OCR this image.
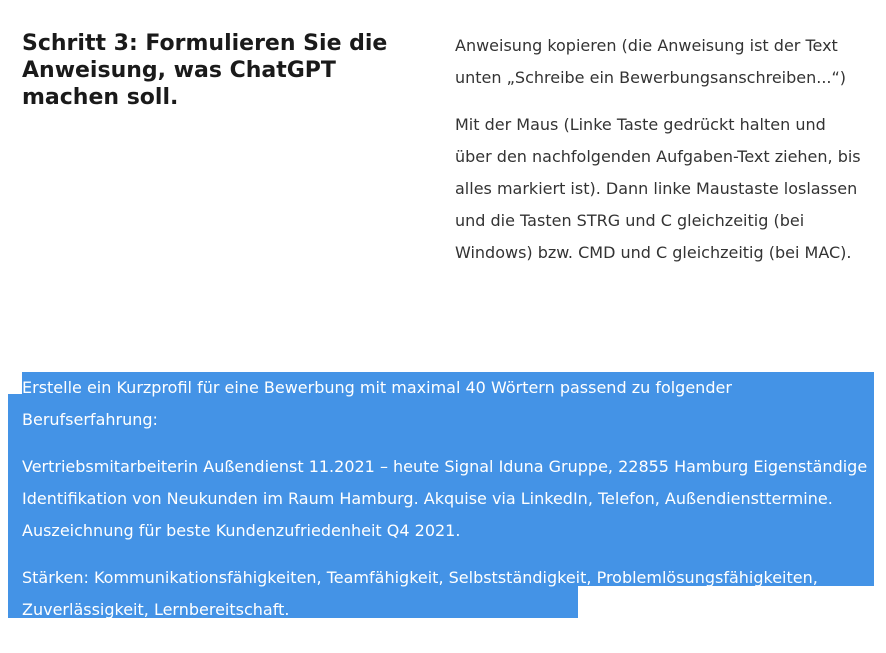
Schritt 3: Formulieren Sie die Anweisung, was ChatGPT machen soll.

Anweisung kopieren (die Anweisung ist der Text unten „Schreibe ein Bewerbungsanschreiben...“)

Mit der Maus (Linke Taste gedrückt halten und über den nachfolgenden Aufgaben-Text ziehen, bis alles markiert ist). Dann linke Maustaste loslassen und die Tasten STRG und C gleichzeitig (bei Windows) bzw. CMD und C gleichzeitig (bei MAC).

Erstelle ein Kurzprofil für eine Bewerbung mit maximal 40 Wörtern passend zu folgender Berufserfahrung:

Vertriebsmitarbeiterin Außendienst 11.2021 – heute Signal Iduna Gruppe, 22855 Hamburg Eigenständige Identifikation von Neukunden im Raum Hamburg. Akquise via LinkedIn, Telefon, Außendiensttermine. Auszeichnung für beste Kundenzufriedenheit Q4 2021.

Stärken: Kommunikationsfähigkeiten, Teamfähigkeit, Selbstständigkeit, Problemlösungsfähigkeiten, Zuverlässigkeit, Lernbereitschaft.
